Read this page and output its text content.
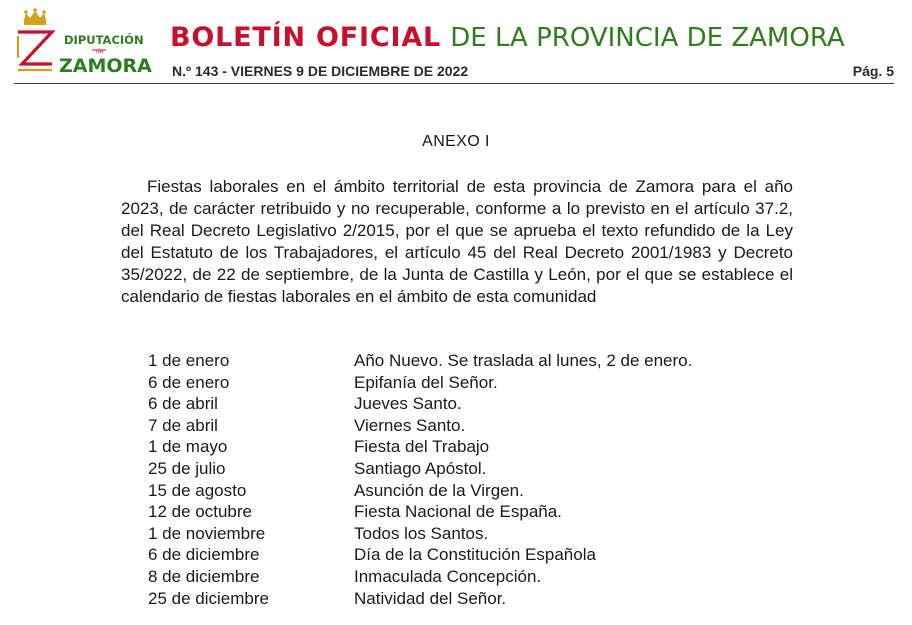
DIPUTACIÓN
de
ZAMORA
BOLETÍN OFICIAL DE LA PROVINCIA DE ZAMORA
N.º 143 - VIERNES 9 DE DICIEMBRE DE 2022	Pág. 5
ANEXO I

Fiestas laborales en el ámbito territorial de esta provincia de Zamora para el año 2023, de carácter retribuido y no recuperable, conforme a lo previsto en el artículo 37.2, del Real Decreto Legislativo 2/2015, por el que se aprueba el texto refundido de la Ley del Estatuto de los Trabajadores, el artículo 45 del Real Decreto 2001/1983 y Decreto 35/2022, de 22 de septiembre, de la Junta de Castilla y León, por el que se establece el calendario de fiestas laborales en el ámbito de esta comunidad

1 de enero	Año Nuevo. Se traslada al lunes, 2 de enero.
6 de enero	Epifanía del Señor.
6 de abril	Jueves Santo.
7 de abril	Viernes Santo.
1 de mayo	Fiesta del Trabajo
25 de julio	Santiago Apóstol.
15 de agosto	Asunción de la Virgen.
12 de octubre	Fiesta Nacional de España.
1 de noviembre	Todos los Santos.
6 de diciembre	Día de la Constitución Española
8 de diciembre	Inmaculada Concepción.
25 de diciembre	Natividad del Señor.
